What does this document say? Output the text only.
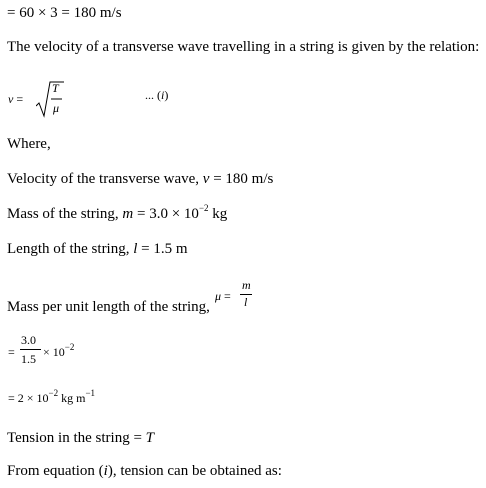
= 60 × 3 = 180 m/s
The velocity of a transverse wave travelling in a string is given by the relation:
v =
T
μ
... (i)
Where,
Velocity of the transverse wave, v = 180 m/s
Mass of the string, $m = 3.0 \times 10^{-2}$ kg
Length of the string, l = 1.5 m
Mass per unit length of the string,
μ =
m
l
=
3.0
$1.5 \times 10^{-2}$
= $2 \times 10^{-2}$ kg $m^{-1}$
Tension in the string = T
From equation (i), tension can be obtained as:
